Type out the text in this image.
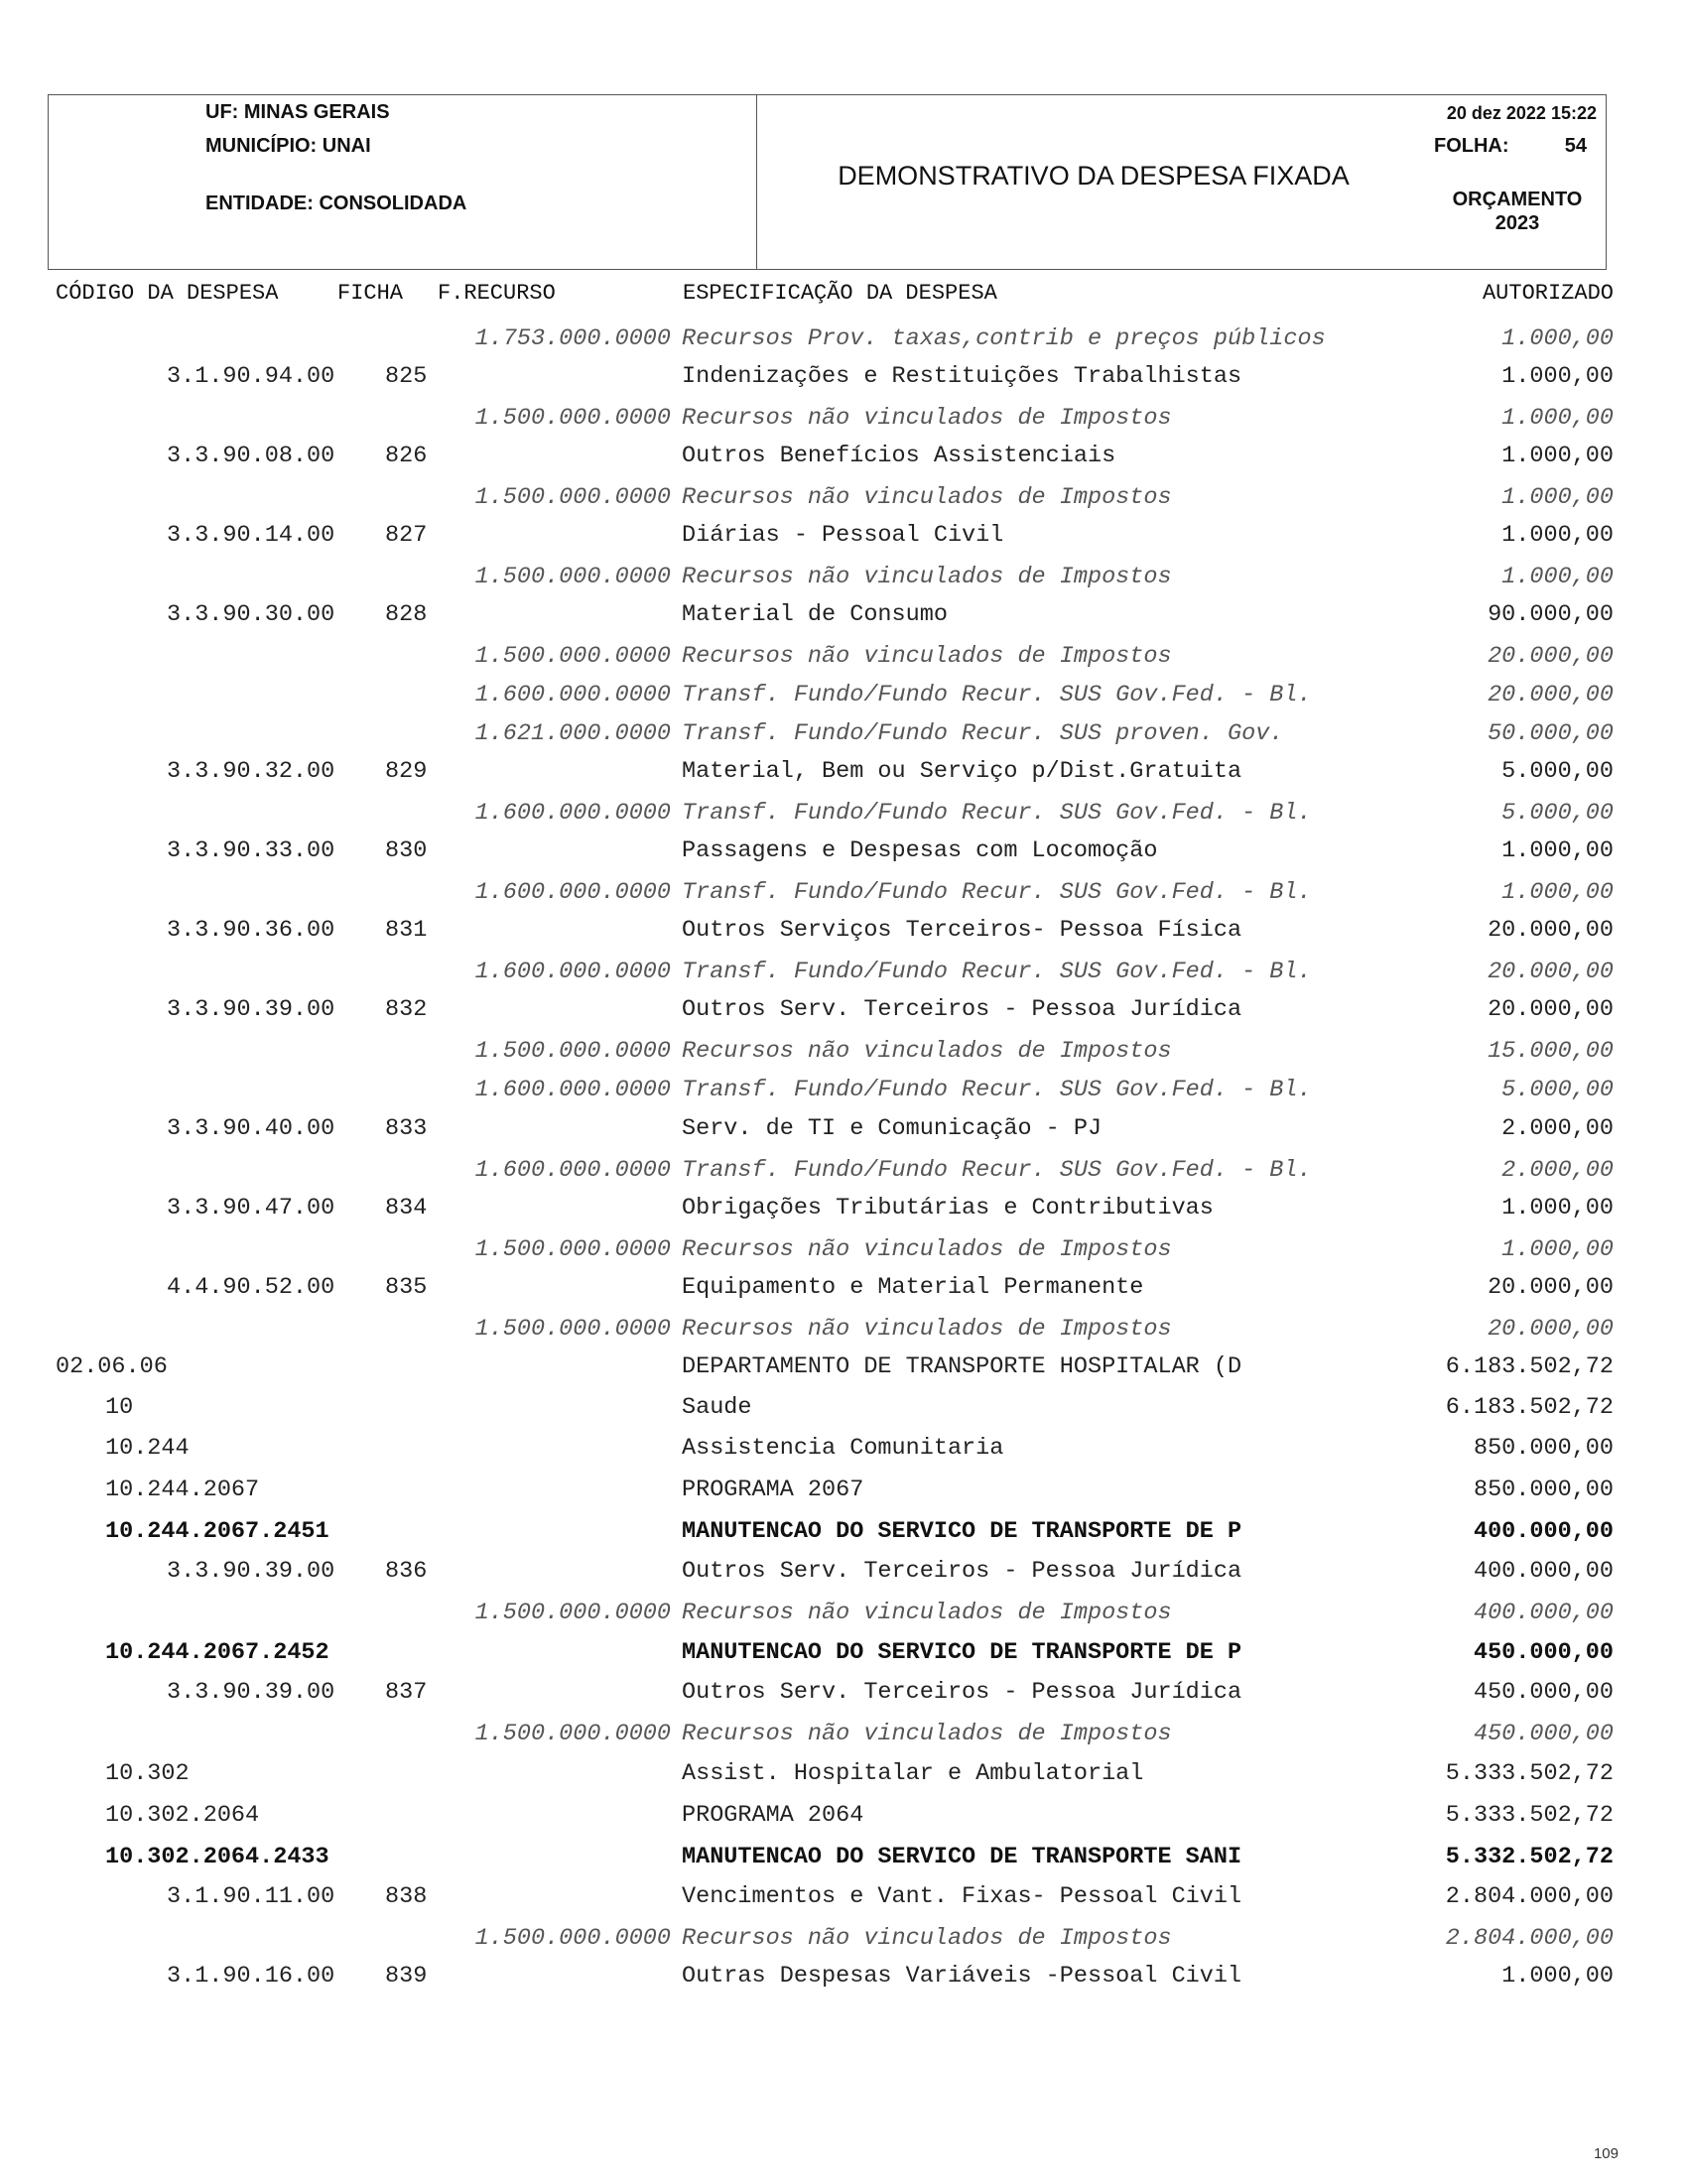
UF: MINAS GERAIS
MUNICÍPIO: UNAI
ENTIDADE: CONSOLIDADA
DEMONSTRATIVO DA DESPESA FIXADA
20 dez 2022 15:22
FOLHA:	54
ORÇAMENTO
2023
CÓDIGO DA DESPESA	FICHA F.RECURSO	ESPECIFICAÇÃO DA DESPESA	AUTORIZADO
1.753.000.0000 Recursos Prov. taxas,contrib e preços públicos	1.000,00
3.1.90.94.00 825	Indenizações e Restituições Trabalhistas	1.000,00
1.500.000.0000 Recursos não vinculados de Impostos	1.000,00
3.3.90.08.00 826	Outros Benefícios Assistenciais	1.000,00
1.500.000.0000 Recursos não vinculados de Impostos	1.000,00
3.3.90.14.00 827	Diárias - Pessoal Civil	1.000,00
1.500.000.0000 Recursos não vinculados de Impostos	1.000,00
3.3.90.30.00 828	Material de Consumo	90.000,00
1.500.000.0000 Recursos não vinculados de Impostos	20.000,00
1.600.000.0000 Transf. Fundo/Fundo Recur. SUS Gov.Fed. - Bl.	20.000,00
1.621.000.0000 Transf. Fundo/Fundo Recur. SUS proven. Gov.	50.000,00
3.3.90.32.00 829	Material, Bem ou Serviço p/Dist.Gratuita	5.000,00
1.600.000.0000 Transf. Fundo/Fundo Recur. SUS Gov.Fed. - Bl.	5.000,00
3.3.90.33.00 830	Passagens e Despesas com Locomoção	1.000,00
1.600.000.0000 Transf. Fundo/Fundo Recur. SUS Gov.Fed. - Bl.	1.000,00
3.3.90.36.00 831	Outros Serviços Terceiros- Pessoa Física	20.000,00
1.600.000.0000 Transf. Fundo/Fundo Recur. SUS Gov.Fed. - Bl.	20.000,00
3.3.90.39.00 832	Outros Serv. Terceiros - Pessoa Jurídica	20.000,00
1.500.000.0000 Recursos não vinculados de Impostos	15.000,00
1.600.000.0000 Transf. Fundo/Fundo Recur. SUS Gov.Fed. - Bl.	5.000,00
3.3.90.40.00 833	Serv. de TI e Comunicação - PJ	2.000,00
1.600.000.0000 Transf. Fundo/Fundo Recur. SUS Gov.Fed. - Bl.	2.000,00
3.3.90.47.00 834	Obrigações Tributárias e Contributivas	1.000,00
1.500.000.0000 Recursos não vinculados de Impostos	1.000,00
4.4.90.52.00 835	Equipamento e Material Permanente	20.000,00
1.500.000.0000 Recursos não vinculados de Impostos	20.000,00
02.06.06	DEPARTAMENTO DE TRANSPORTE HOSPITALAR (D	6.183.502,72
10	Saude	6.183.502,72
10.244	Assistencia Comunitaria	850.000,00
10.244.2067	PROGRAMA 2067	850.000,00
10.244.2067.2451	MANUTENCAO DO SERVICO DE TRANSPORTE DE P	400.000,00
3.3.90.39.00 836	Outros Serv. Terceiros - Pessoa Jurídica	400.000,00
1.500.000.0000 Recursos não vinculados de Impostos	400.000,00
10.244.2067.2452	MANUTENCAO DO SERVICO DE TRANSPORTE DE P	450.000,00
3.3.90.39.00 837	Outros Serv. Terceiros - Pessoa Jurídica	450.000,00
1.500.000.0000 Recursos não vinculados de Impostos	450.000,00
10.302	Assist. Hospitalar e Ambulatorial	5.333.502,72
10.302.2064	PROGRAMA 2064	5.333.502,72
10.302.2064.2433	MANUTENCAO DO SERVICO DE TRANSPORTE SANI	5.332.502,72
3.1.90.11.00 838	Vencimentos e Vant. Fixas- Pessoal Civil	2.804.000,00
1.500.000.0000 Recursos não vinculados de Impostos	2.804.000,00
3.1.90.16.00 839	Outras Despesas Variáveis -Pessoal Civil	1.000,00
109
